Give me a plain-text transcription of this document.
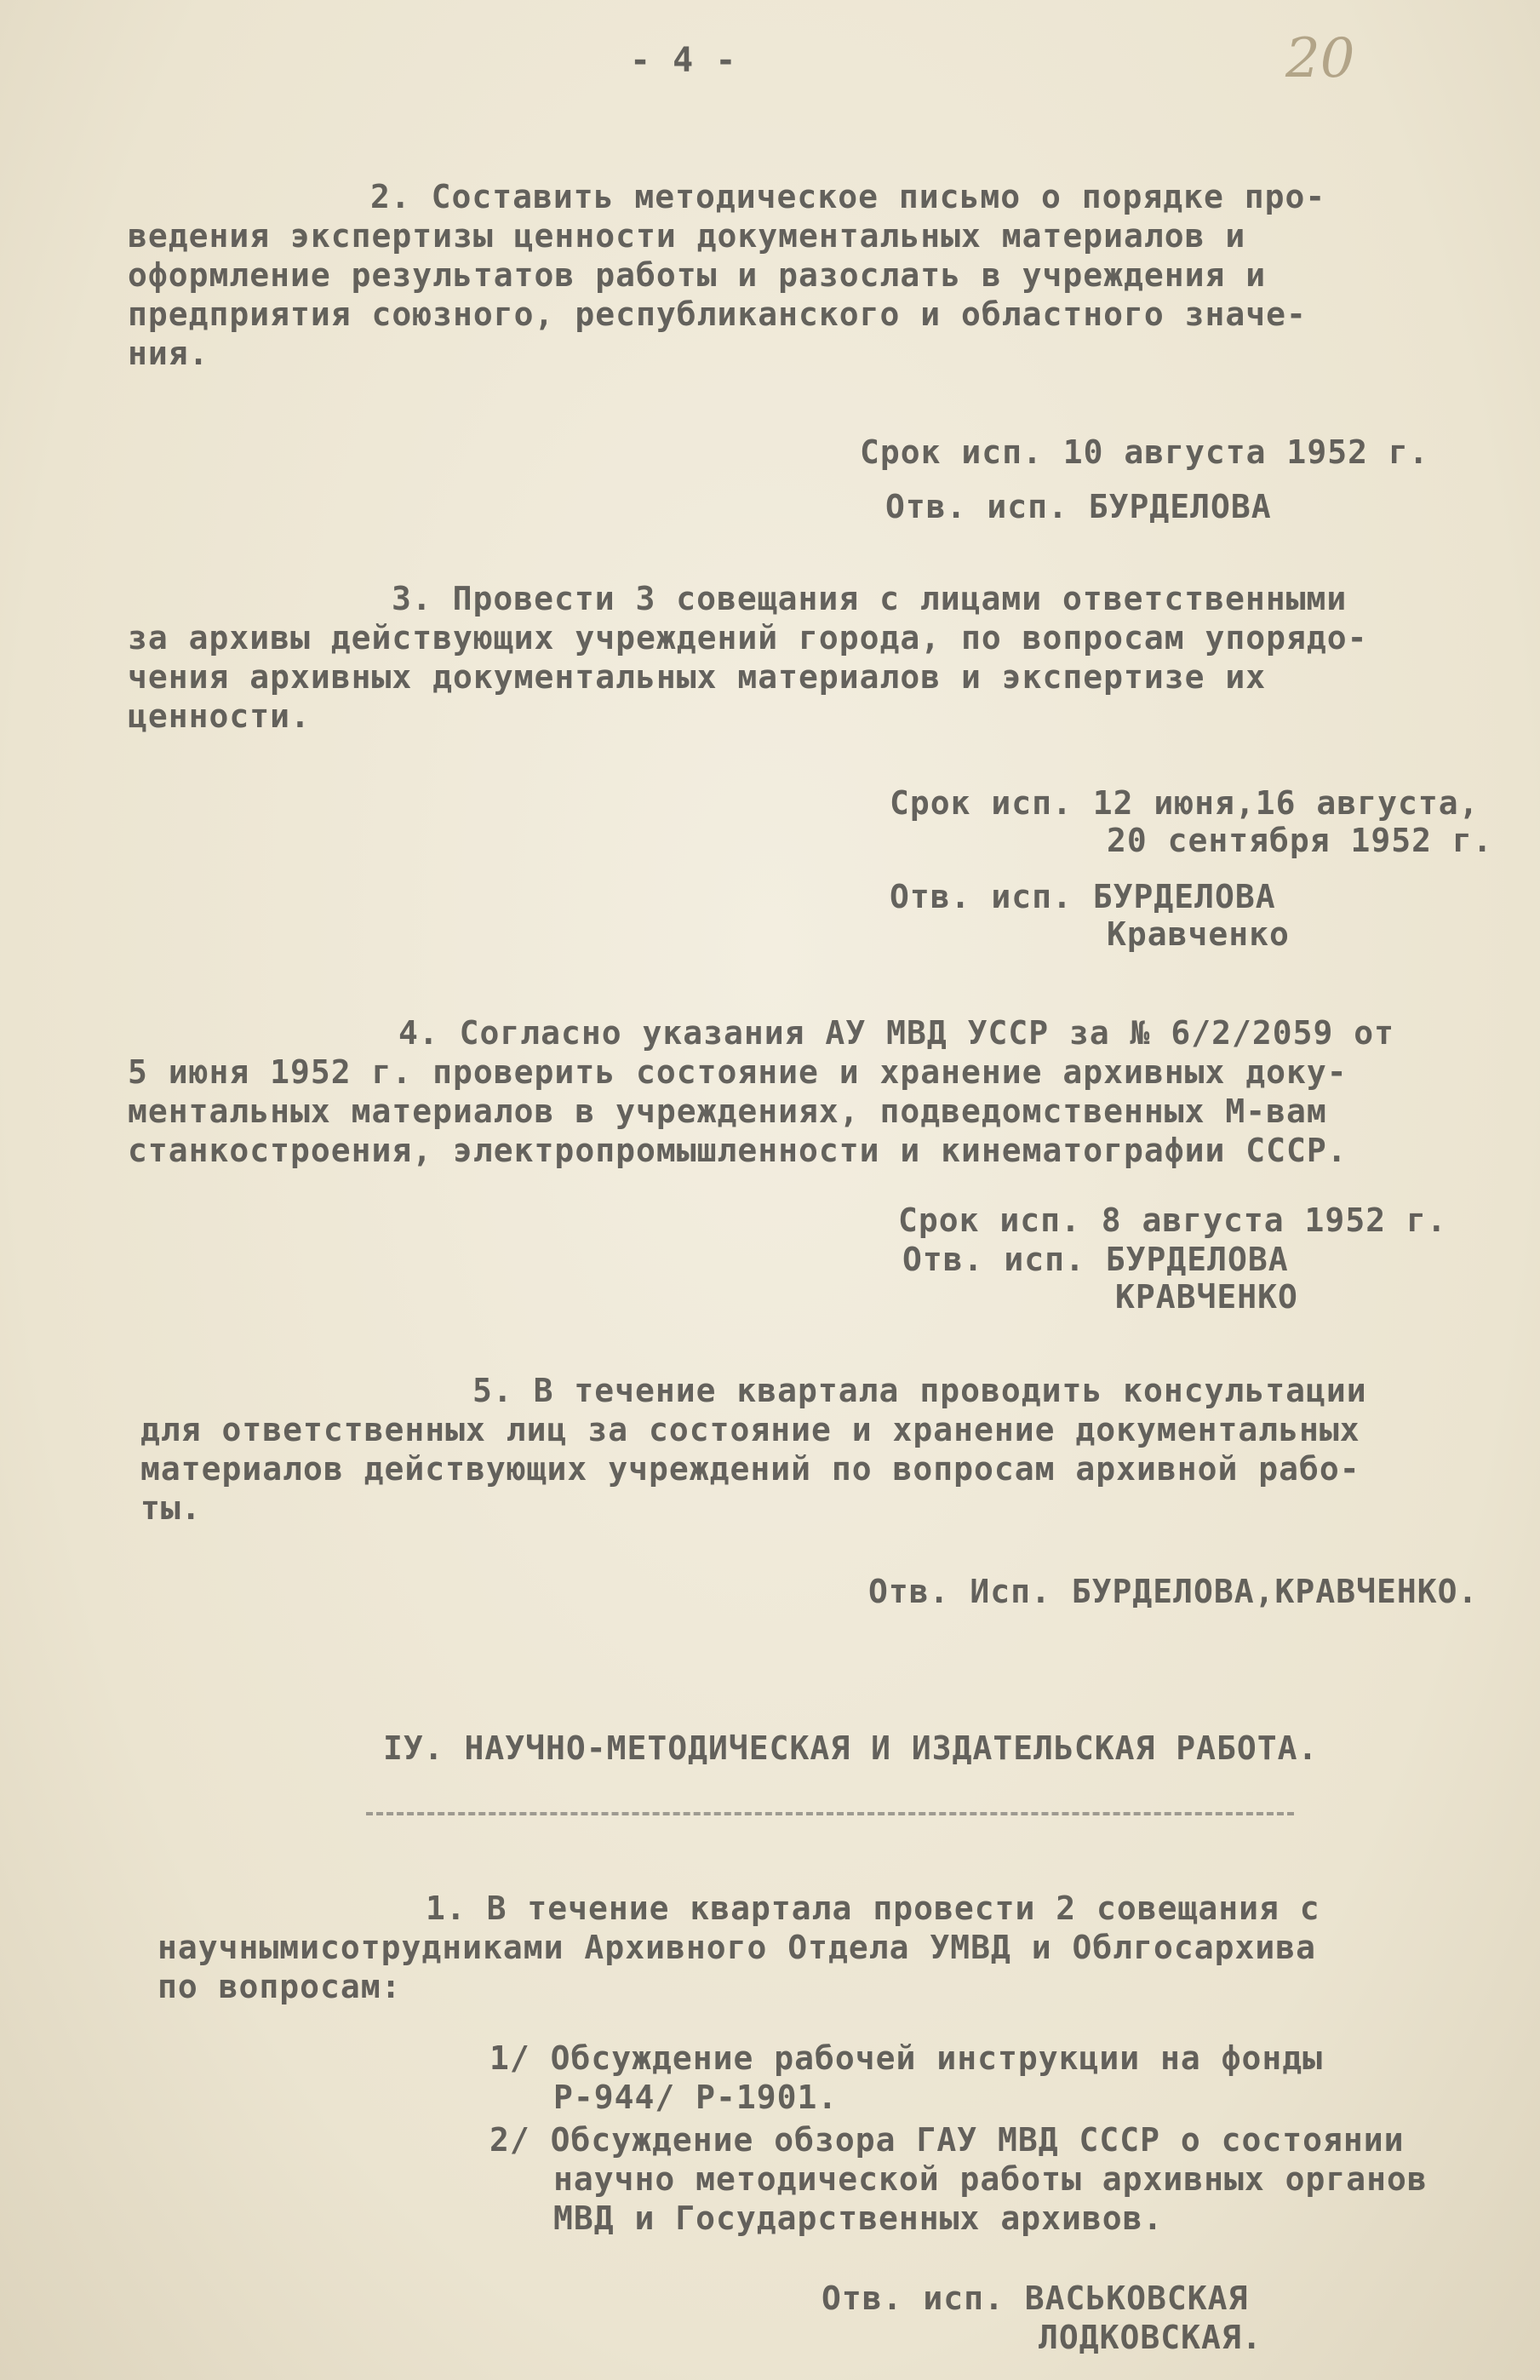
- 4 -	20
2. Составить методическое письмо о порядке про-
ведения экспертизы ценности документальных материалов и
оформление результатов работы и разослать в учреждения и
предприятия союзного, республиканского и областного значе-
ния.
Срок исп. 10 августа 1952 г.
Отв. исп. БУРДЕЛОВА
3. Провести 3 совещания с лицами ответственными
за архивы действующих учреждений города, по вопросам упорядо-
чения архивных документальных материалов и экспертизе их
ценности.
Срок исп. 12 июня,16 августа,
20 сентября 1952 г.
Отв. исп. БУРДЕЛОВА
Кравченко
4. Согласно указания АУ МВД УССР за № 6/2/2059 от
5 июня 1952 г. проверить состояние и хранение архивных доку-
ментальных материалов в учреждениях, подведомственных М-вам
станкостроения, электропромышленности и кинематографии СССР.
Срок исп. 8 августа 1952 г.
Отв. исп. БУРДЕЛОВА
КРАВЧЕНКО
5. В течение квартала проводить консультации
для ответственных лиц за состояние и хранение документальных
материалов действующих учреждений по вопросам архивной рабо-
ты.
Отв. Исп. БУРДЕЛОВА,КРАВЧЕНКО.
IУ. НАУЧНО-МЕТОДИЧЕСКАЯ И ИЗДАТЕЛЬСКАЯ РАБОТА.
1. В течение квартала провести 2 совещания с
научнымисотрудниками Архивного Отдела УМВД и Облгосархива
по вопросам:
1/ Обсуждение рабочей инструкции на фонды
Р-944/ Р-1901.
2/ Обсуждение обзора ГАУ МВД СССР о состоянии
научно методической работы архивных органов
МВД и Государственных архивов.
Отв. исп. ВАСЬКОВСКАЯ
ЛОДКОВСКАЯ.
